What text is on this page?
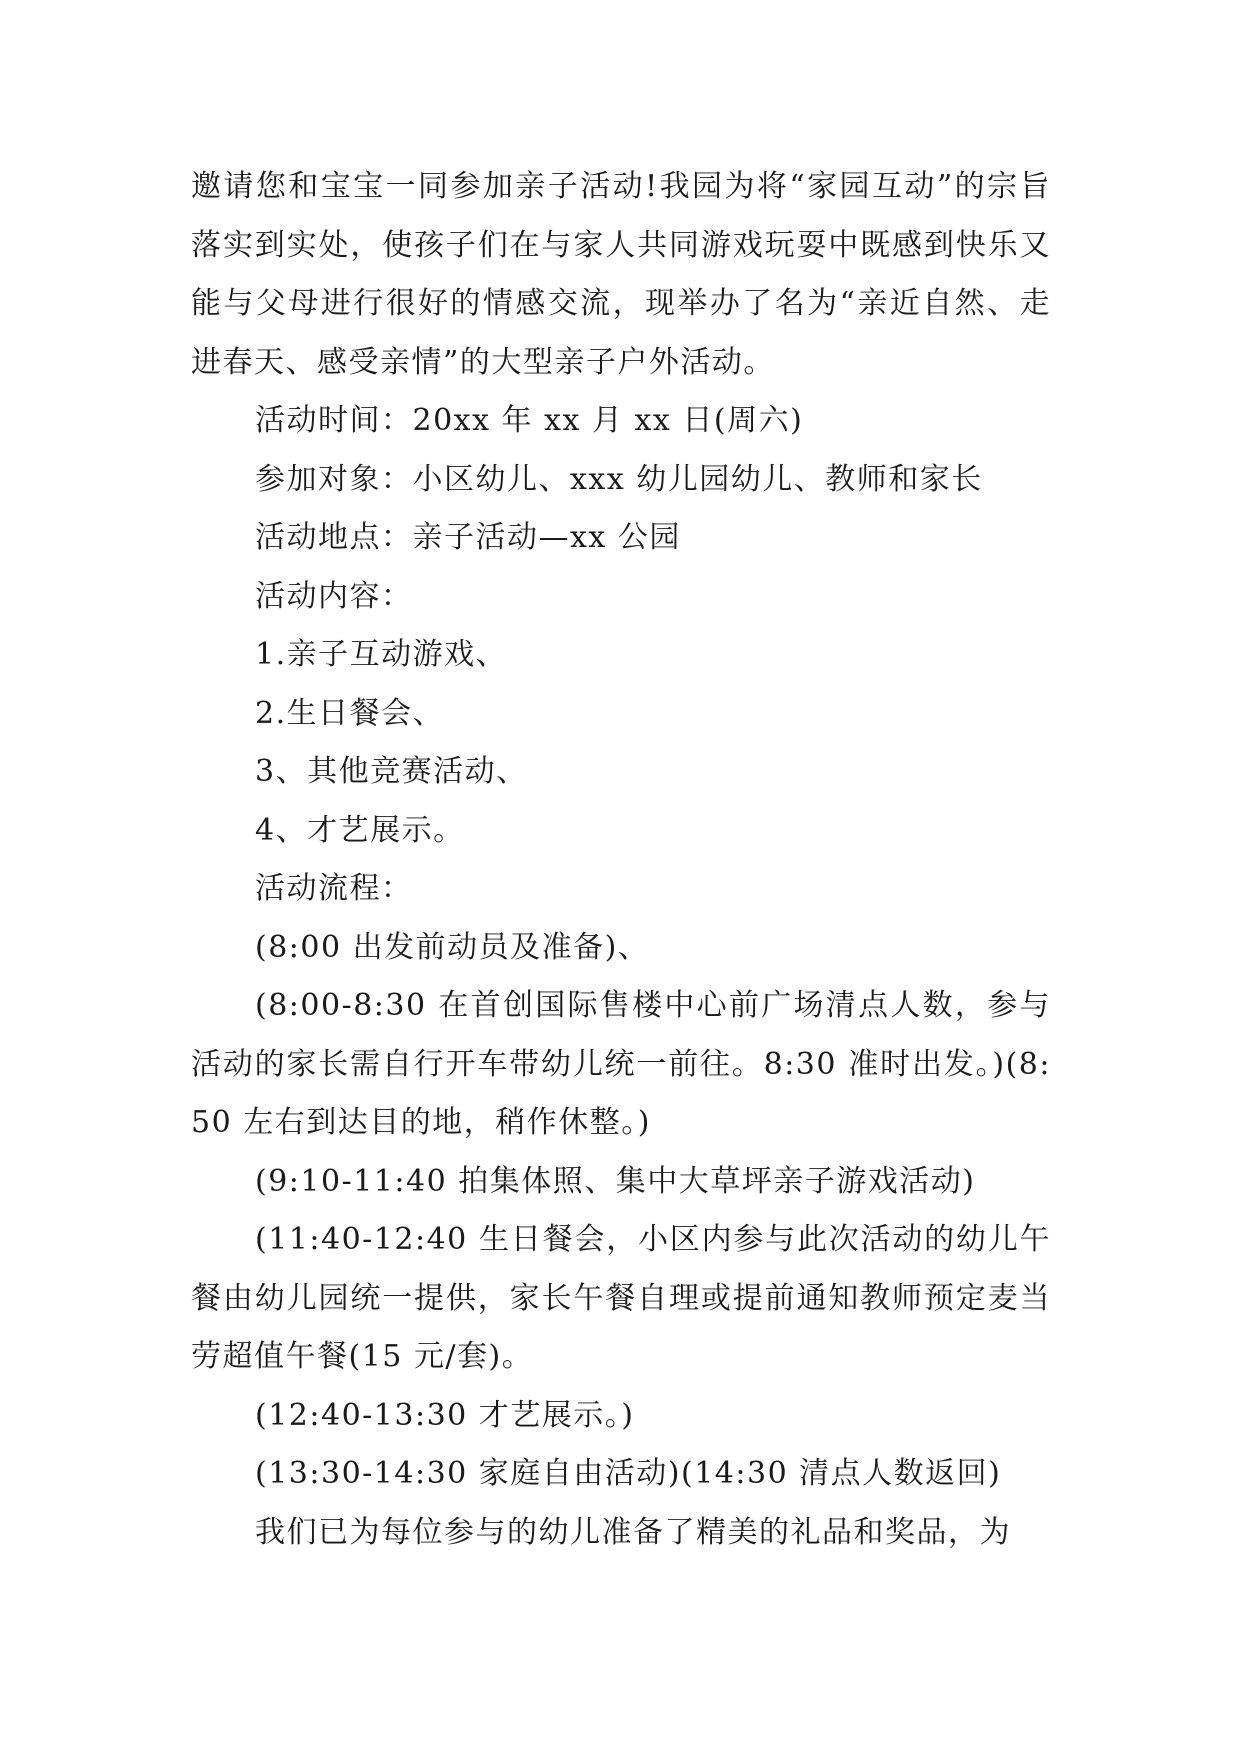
邀请您和宝宝一同参加亲子活动!我园为将“家园互动”的宗旨落实到实处，使孩子们在与家人共同游戏玩耍中既感到快乐又能与父母进行很好的情感交流，现举办了名为“亲近自然、走进春天、感受亲情”的大型亲子户外活动。

活动时间：20xx 年 xx 月 xx 日(周六)

参加对象：小区幼儿、xxx 幼儿园幼儿、教师和家长

活动地点：亲子活动—xx 公园

活动内容：

1.亲子互动游戏、

2.生日餐会、

3、其他竞赛活动、

4、才艺展示。

活动流程：

(8:00 出发前动员及准备)、

(8:00-8:30 在首创国际售楼中心前广场清点人数，参与活动的家长需自行开车带幼儿统一前往。8:30 准时出发。)(8:50 左右到达目的地，稍作休整。)

(9:10-11:40 拍集体照、集中大草坪亲子游戏活动)

(11:40-12:40 生日餐会，小区内参与此次活动的幼儿午餐由幼儿园统一提供，家长午餐自理或提前通知教师预定麦当劳超值午餐(15 元/套)。

(12:40-13:30 才艺展示。)

(13:30-14:30 家庭自由活动)(14:30 清点人数返回)

我们已为每位参与的幼儿准备了精美的礼品和奖品，为
